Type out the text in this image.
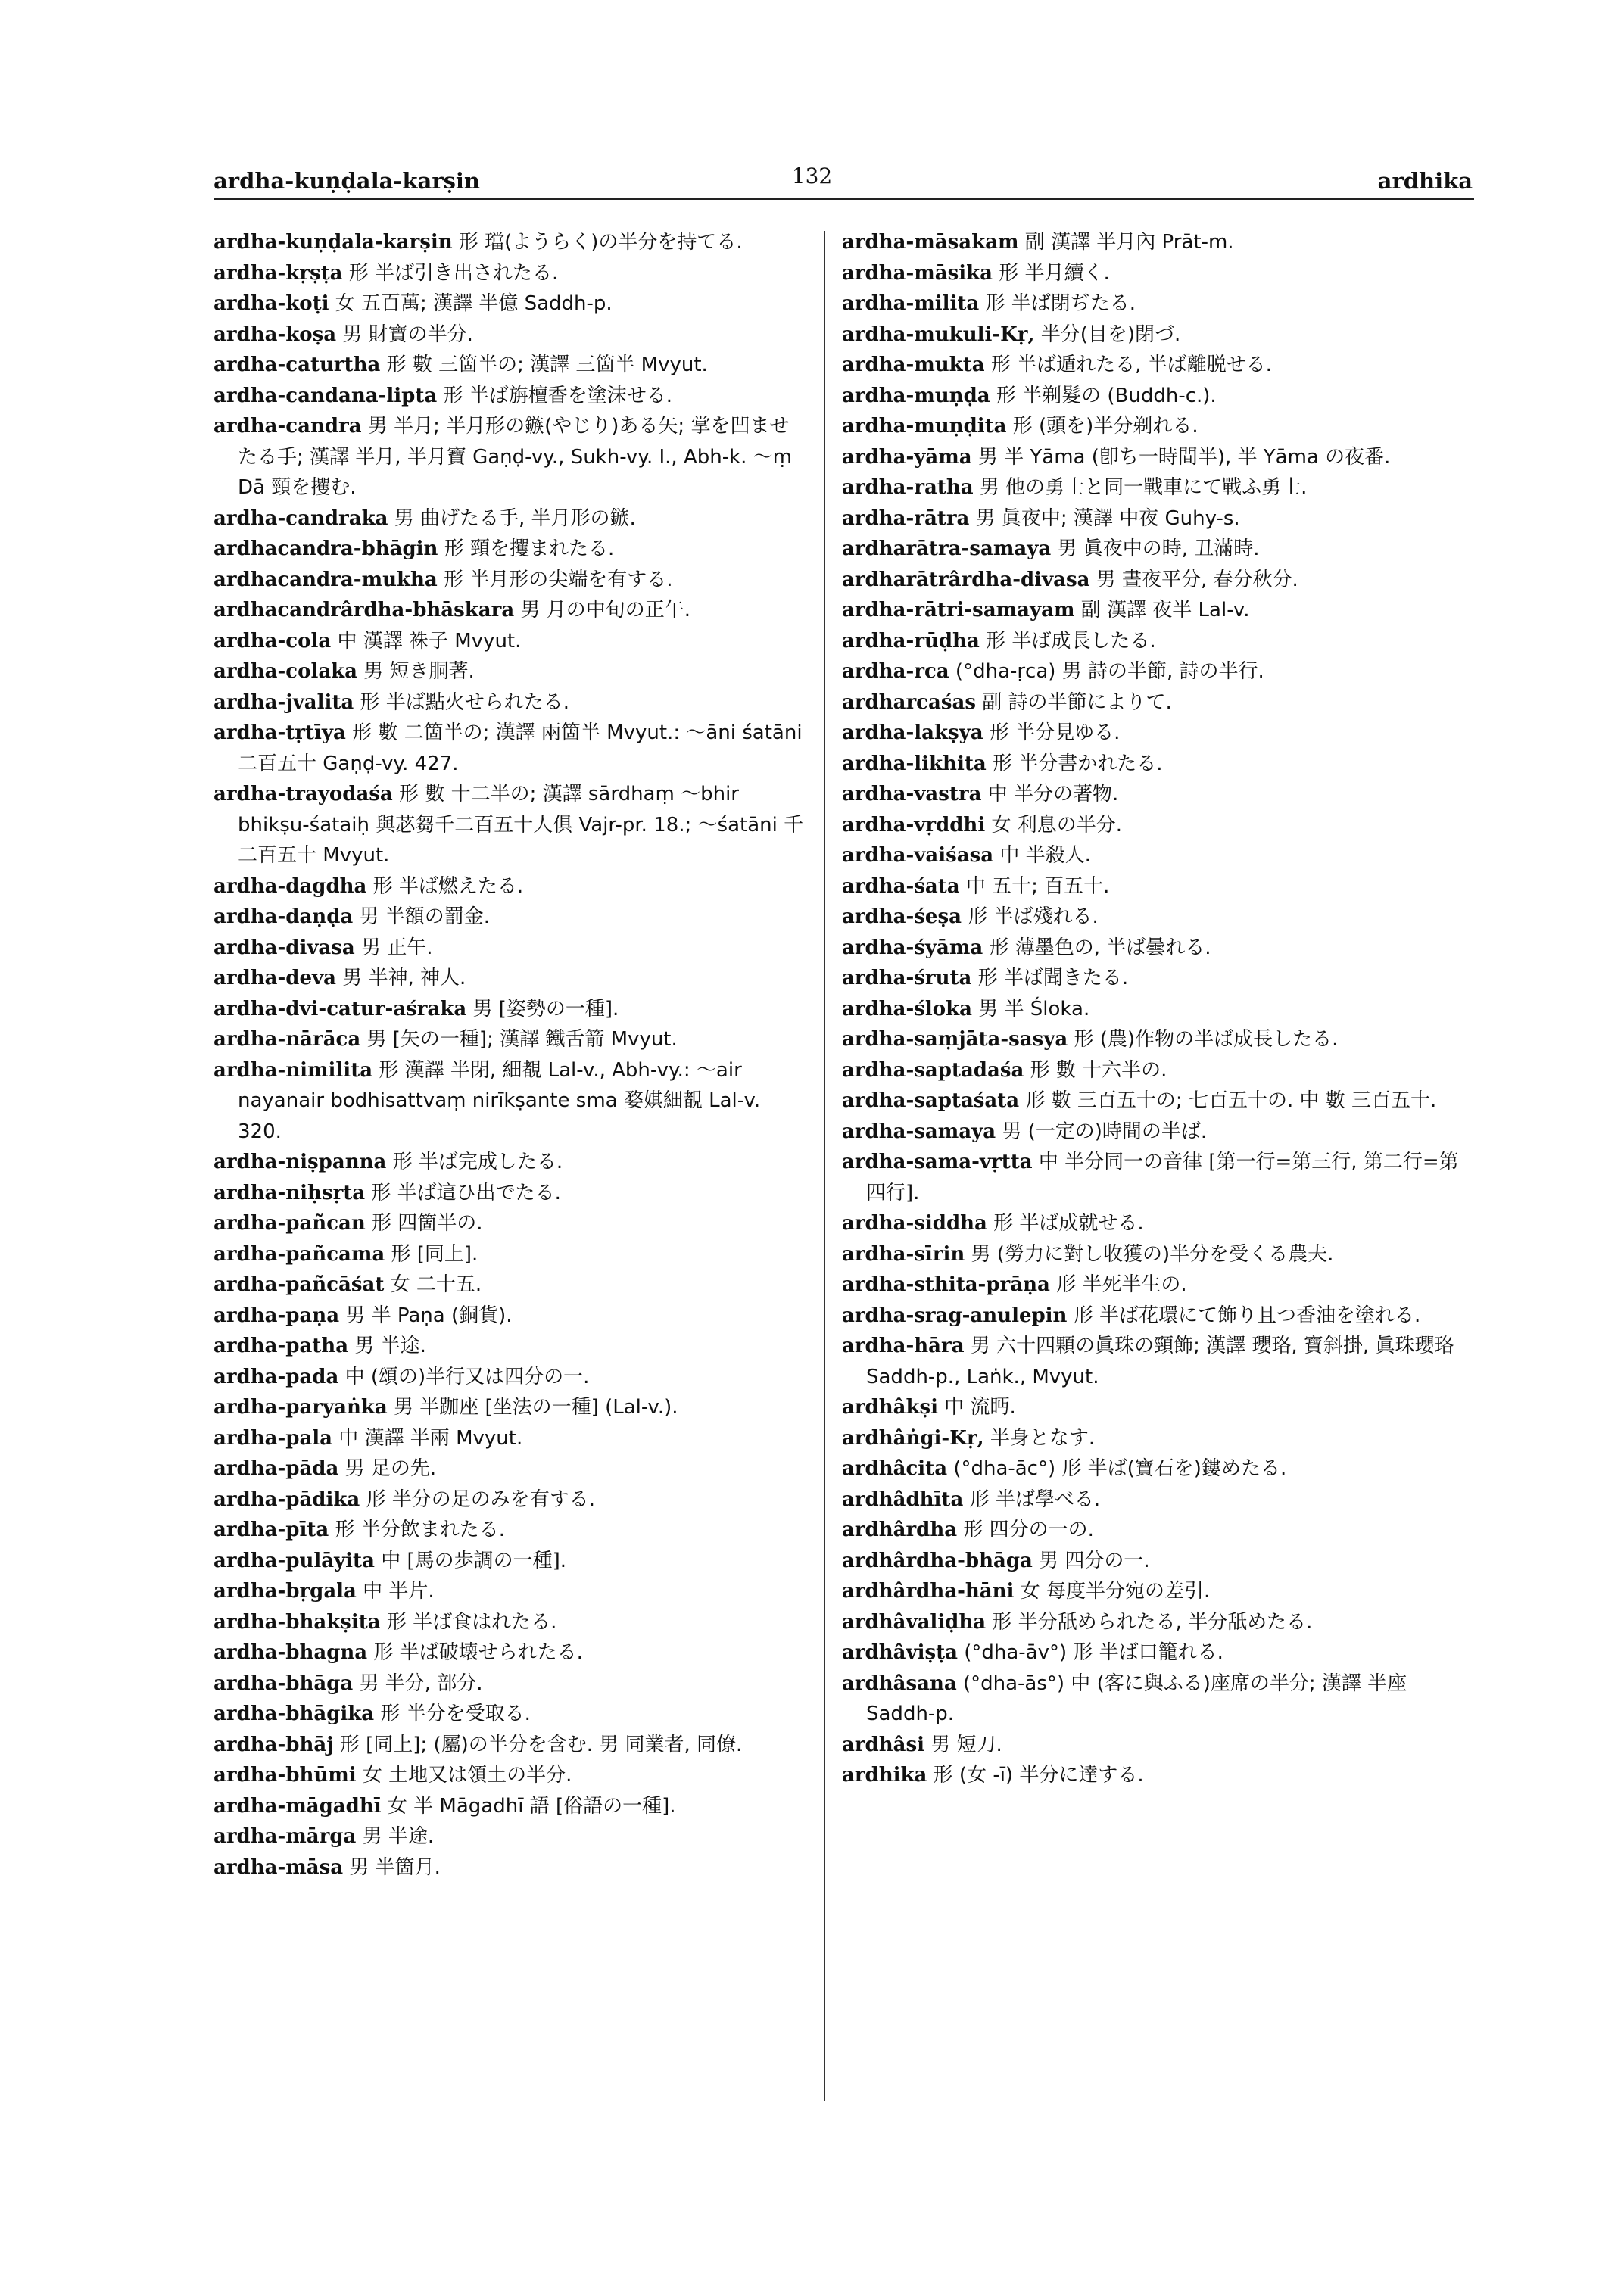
ardha-kuṇḍala-karṣin	132	ardhika

ardha-kuṇḍala-karṣin 形 璫(ようらく)の半分を持てる.

ardha-kṛṣṭa 形 半ば引き出されたる.

ardha-koṭi 女 五百萬; 漢譯 半億 Saddh-p.

ardha-koṣa 男 財寶の半分.

ardha-caturtha 形 數 三箇半の; 漢譯 三箇半 Mvyut.

ardha-candana-lipta 形 半ば旃檀香を塗沫せる.

ardha-candra 男 半月; 半月形の鏃(やじり)ある矢; 掌を凹ませたる手; 漢譯 半月, 半月寶 Gaṇḍ-vy., Sukh-vy. I., Abh-k. 〜ṃ Dā 頸を攫む.

ardha-candraka 男 曲げたる手, 半月形の鏃.

ardhacandra-bhāgin 形 頸を攫まれたる.

ardhacandra-mukha 形 半月形の尖端を有する.

ardhacandrârdha-bhāskara 男 月の中旬の正午.

ardha-cola 中 漢譯 袾子 Mvyut.

ardha-colaka 男 短き胴著.

ardha-jvalita 形 半ば點火せられたる.

ardha-tṛtīya 形 數 二箇半の; 漢譯 兩箇半 Mvyut.: 〜āni śatāni 二百五十 Gaṇḍ-vy. 427.

ardha-trayodaśa 形 數 十二半の; 漢譯 sārdhaṃ 〜bhir bhikṣu-śataiḥ 與苾芻千二百五十人俱 Vajr-pr. 18.; 〜śatāni 千二百五十 Mvyut.

ardha-dagdha 形 半ば燃えたる.

ardha-daṇḍa 男 半額の罰金.

ardha-divasa 男 正午.

ardha-deva 男 半神, 神人.

ardha-dvi-catur-aśraka 男 [姿勢の一種].

ardha-nārāca 男 [矢の一種]; 漢譯 鐵舌箭 Mvyut.

ardha-nimilita 形 漢譯 半閉, 細覩 Lal-v., Abh-vy.: 〜air nayanair bodhisattvaṃ nirīkṣante sma 婺娸細覩 Lal-v. 320.

ardha-niṣpanna 形 半ば完成したる.

ardha-niḥsṛta 形 半ば這ひ出でたる.

ardha-pañcan 形 四箇半の.

ardha-pañcama 形 [同上].

ardha-pañcāśat 女 二十五.

ardha-paṇa 男 半 Paṇa (銅貨).

ardha-patha 男 半途.

ardha-pada 中 (頌の)半行又は四分の一.

ardha-paryaṅka 男 半跏座 [坐法の一種] (Lal-v.).

ardha-pala 中 漢譯 半兩 Mvyut.

ardha-pāda 男 足の先.

ardha-pādika 形 半分の足のみを有する.

ardha-pīta 形 半分飲まれたる.

ardha-pulāyita 中 [馬の歩調の一種].

ardha-bṛgala 中 半片.

ardha-bhakṣita 形 半ば食はれたる.

ardha-bhagna 形 半ば破壊せられたる.

ardha-bhāga 男 半分, 部分.

ardha-bhāgika 形 半分を受取る.

ardha-bhāj 形 [同上]; (屬)の半分を含む. 男 同業者, 同僚.

ardha-bhūmi 女 土地又は領土の半分.

ardha-māgadhī 女 半 Māgadhī 語 [俗語の一種].

ardha-mārga 男 半途.

ardha-māsa 男 半箇月.

ardha-māsakam 副 漢譯 半月內 Prāt-m.

ardha-māsika 形 半月續く.

ardha-milita 形 半ば閉ぢたる.

ardha-mukuli-Kṛ, 半分(目を)閉づ.

ardha-mukta 形 半ば遁れたる, 半ば離脱せる.

ardha-muṇḍa 形 半剃髮の (Buddh-c.).

ardha-muṇḍita 形 (頭を)半分剃れる.

ardha-yāma 男 半 Yāma (卽ち一時間半), 半 Yāma の夜番.

ardha-ratha 男 他の勇士と同一戰車にて戰ふ勇士.

ardha-rātra 男 眞夜中; 漢譯 中夜 Guhy-s.

ardharātra-samaya 男 眞夜中の時, 丑滿時.

ardharātrârdha-divasa 男 晝夜平分, 春分秋分.

ardha-rātri-samayam 副 漢譯 夜半 Lal-v.

ardha-rūḍha 形 半ば成長したる.

ardha-rca (°dha-ṛca) 男 詩の半節, 詩の半行.

ardharcaśas 副 詩の半節によりて.

ardha-lakṣya 形 半分見ゆる.

ardha-likhita 形 半分書かれたる.

ardha-vastra 中 半分の著物.

ardha-vṛddhi 女 利息の半分.

ardha-vaiśasa 中 半殺人.

ardha-śata 中 五十; 百五十.

ardha-śeṣa 形 半ば殘れる.

ardha-śyāma 形 薄墨色の, 半ば曇れる.

ardha-śruta 形 半ば聞きたる.

ardha-śloka 男 半 Śloka.

ardha-saṃjāta-sasya 形 (農)作物の半ば成長したる.

ardha-saptadaśa 形 數 十六半の.

ardha-saptaśata 形 數 三百五十の; 七百五十の. 中 數 三百五十.

ardha-samaya 男 (一定の)時間の半ば.

ardha-sama-vṛtta 中 半分同一の音律 [第一行=第三行, 第二行=第四行].

ardha-siddha 形 半ば成就せる.

ardha-sīrin 男 (勞力に對し收獲の)半分を受くる農夫.

ardha-sthita-prāṇa 形 半死半生の.

ardha-srag-anulepin 形 半ば花環にて飾り且つ香油を塗れる.

ardha-hāra 男 六十四顆の眞珠の頸飾; 漢譯 瓔珞, 寶斜掛, 眞珠瓔珞 Saddh-p., Laṅk., Mvyut.

ardhâkṣi 中 流眄.

ardhâṅgi-Kṛ, 半身となす.

ardhâcita (°dha-āc°) 形 半ば(寶石を)鏤めたる.

ardhâdhīta 形 半ば學べる.

ardhârdha 形 四分の一の.

ardhârdha-bhāga 男 四分の一.

ardhârdha-hāni 女 每度半分宛の差引.

ardhâvaliḍha 形 半分舐められたる, 半分舐めたる.

ardhâviṣṭa (°dha-āv°) 形 半ば口籠れる.

ardhâsana (°dha-ās°) 中 (客に與ふる)座席の半分; 漢譯 半座 Saddh-p.

ardhâsi 男 短刀.

ardhika 形 (女 -ī) 半分に達する.
